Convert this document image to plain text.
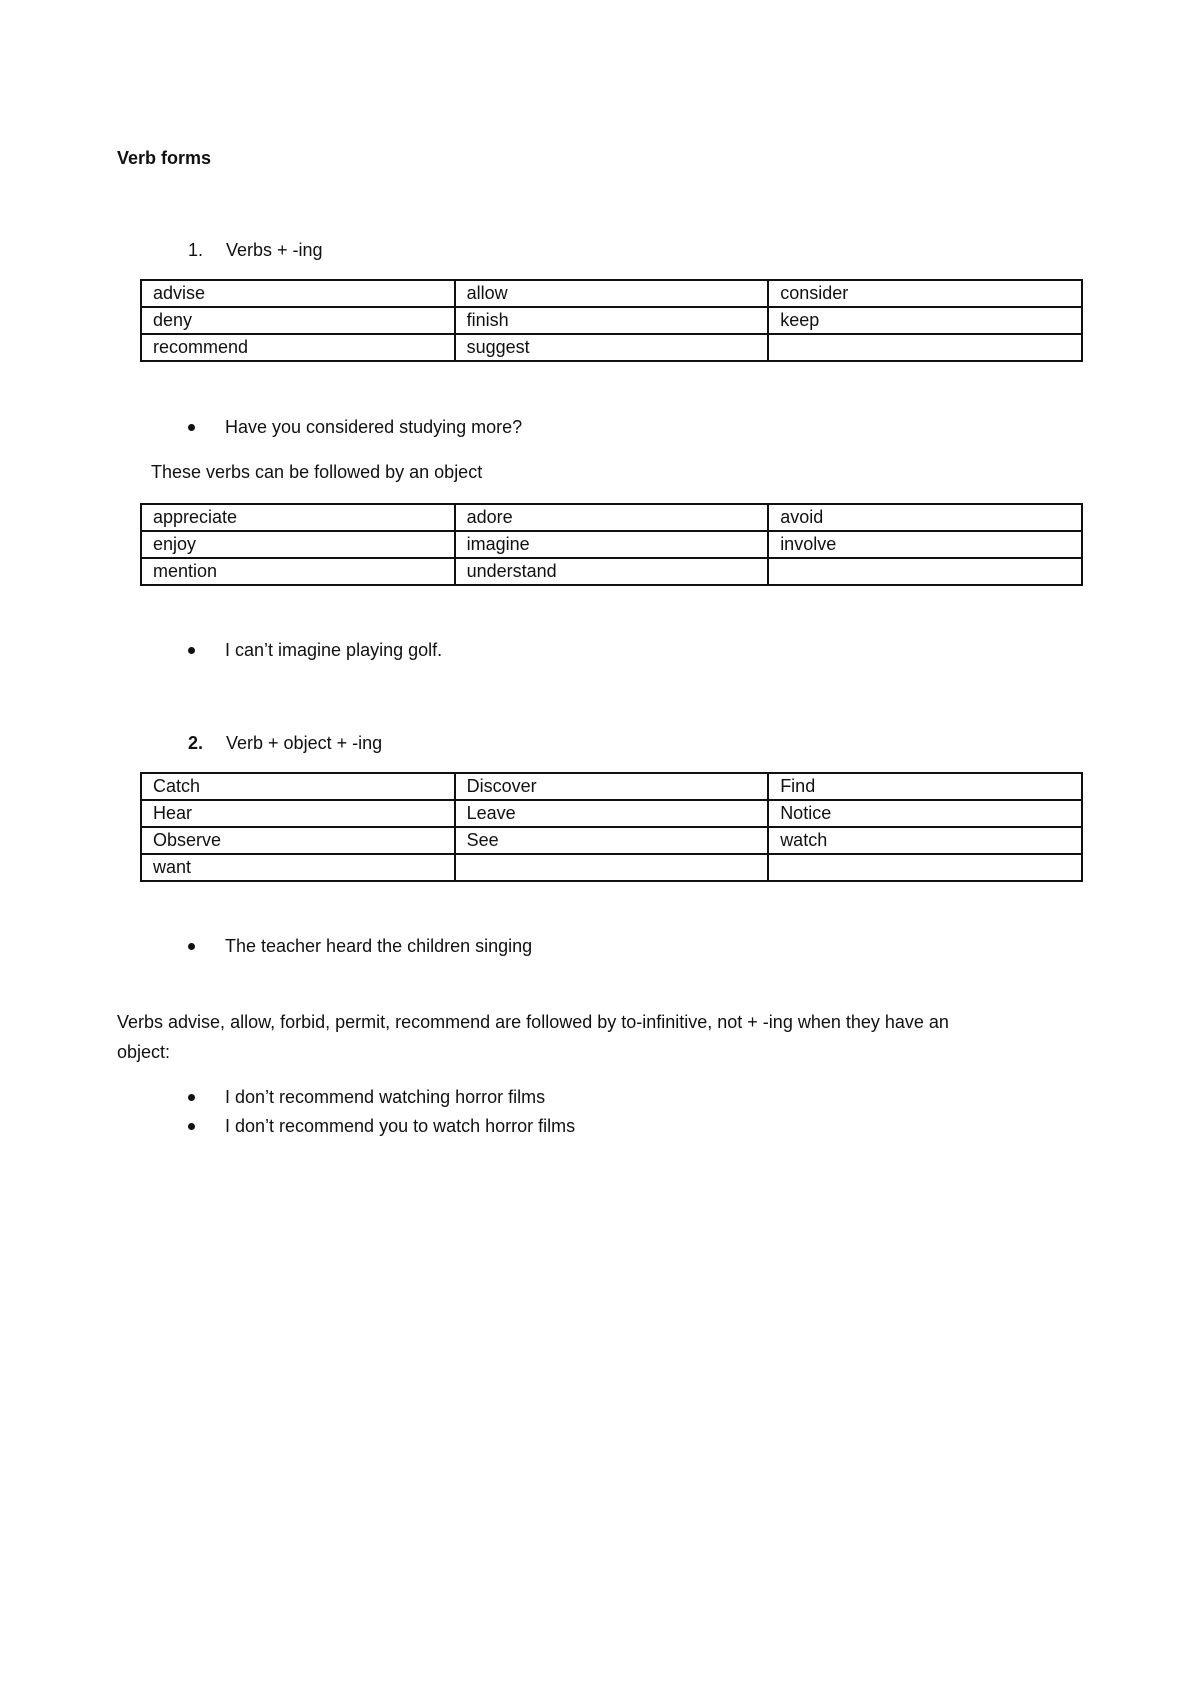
Verb forms
1. Verbs + -ing
advise	allow	consider
deny	finish	keep
recommend	suggest	
Have you considered studying more?
These verbs can be followed by an object
appreciate	adore	avoid
enjoy	imagine	involve
mention	understand	
I can’t imagine playing golf.
2. Verb + object + -ing
Catch	Discover	Find
Hear	Leave	Notice
Observe	See	watch
want		
The teacher heard the children singing
Verbs advise, allow, forbid, permit, recommend are followed by to-infinitive, not + -ing when they have an
object:
I don’t recommend watching horror films
I don’t recommend you to watch horror films
